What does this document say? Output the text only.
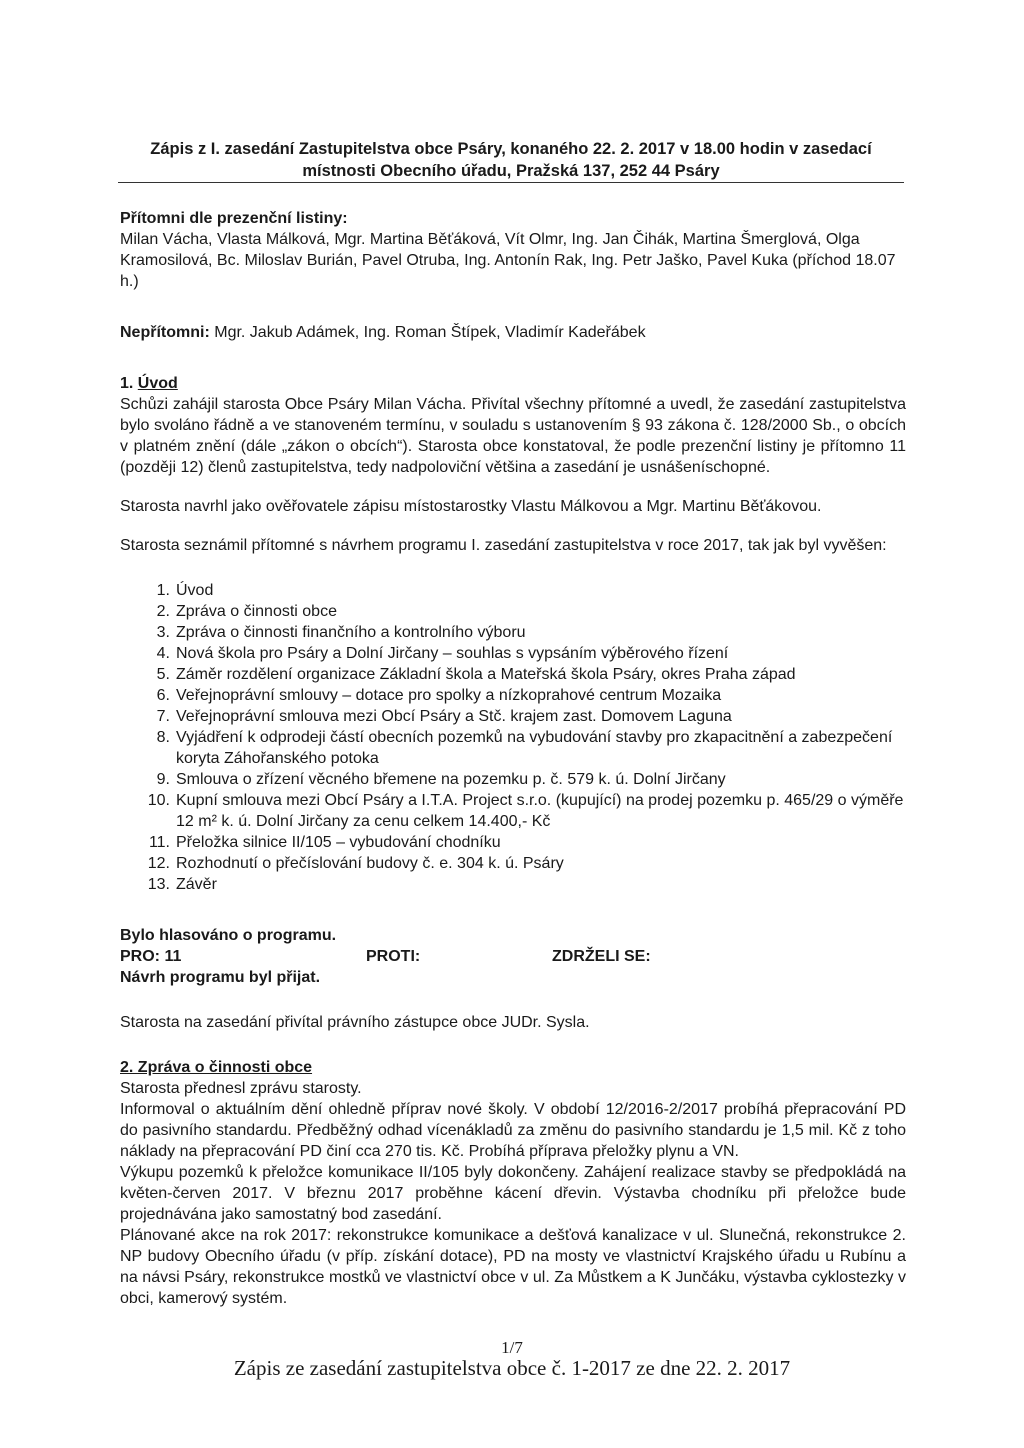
Zápis z I. zasedání Zastupitelstva obce Psáry, konaného 22. 2. 2017 v 18.00 hodin v zasedací
místnosti Obecního úřadu, Pražská 137, 252 44 Psáry

Přítomni dle prezenční listiny:

Milan Vácha, Vlasta Málková, Mgr. Martina Běťáková, Vít Olmr, Ing. Jan Čihák, Martina Šmerglová, Olga Kramosilová, Bc. Miloslav Burián, Pavel Otruba, Ing. Antonín Rak, Ing. Petr Jaško, Pavel Kuka (příchod 18.07 h.)

Nepřítomni: Mgr. Jakub Adámek, Ing. Roman Štípek, Vladimír Kadeřábek

1. Úvod

Schůzi zahájil starosta Obce Psáry Milan Vácha. Přivítal všechny přítomné a uvedl, že zasedání zastupitelstva bylo svoláno řádně a ve stanoveném termínu, v souladu s ustanovením § 93 zákona č. 128/2000 Sb., o obcích v platném znění (dále „zákon o obcích“). Starosta obce konstatoval, že podle prezenční listiny je přítomno 11 (později 12) členů zastupitelstva, tedy nadpoloviční většina a zasedání je usnášeníschopné.

Starosta navrhl jako ověřovatele zápisu místostarostky Vlastu Málkovou a Mgr. Martinu Běťákovou.

Starosta seznámil přítomné s návrhem programu I. zasedání zastupitelstva v roce 2017, tak jak byl vyvěšen:

1. Úvod
2. Zpráva o činnosti obce
3. Zpráva o činnosti finančního a kontrolního výboru
4. Nová škola pro Psáry a Dolní Jirčany – souhlas s vypsáním výběrového řízení
5. Záměr rozdělení organizace Základní škola a Mateřská škola Psáry, okres Praha západ
6. Veřejnoprávní smlouvy – dotace pro spolky a nízkoprahové centrum Mozaika
7. Veřejnoprávní smlouva mezi Obcí Psáry a Stč. krajem zast. Domovem Laguna
8. Vyjádření k odprodeji částí obecních pozemků na vybudování stavby pro zkapacitnění a zabezpečení koryta Záhořanského potoka
9. Smlouva o zřízení věcného břemene na pozemku p. č. 579 k. ú. Dolní Jirčany
10. Kupní smlouva mezi Obcí Psáry a I.T.A. Project s.r.o. (kupující) na prodej pozemku p. 465/29 o výměře 12 m² k. ú. Dolní Jirčany za cenu celkem 14.400,- Kč
11. Přeložka silnice II/105 – vybudování chodníku
12. Rozhodnutí o přečíslování budovy č. e. 304 k. ú. Psáry
13. Závěr

Bylo hlasováno o programu.

PRO: 11	PROTI:	ZDRŽELI SE:

Návrh programu byl přijat.

Starosta na zasedání přivítal právního zástupce obce JUDr. Sysla.

2. Zpráva o činnosti obce

Starosta přednesl zprávu starosty.

Informoval o aktuálním dění ohledně příprav nové školy. V období 12/2016-2/2017 probíhá přepracování PD do pasivního standardu. Předběžný odhad vícenákladů za změnu do pasivního standardu je 1,5 mil. Kč z toho náklady na přepracování PD činí cca 270 tis. Kč. Probíhá příprava přeložky plynu a VN.

Výkupu pozemků k přeložce komunikace II/105 byly dokončeny. Zahájení realizace stavby se předpokládá na květen-červen 2017. V březnu 2017 proběhne kácení dřevin. Výstavba chodníku při přeložce bude projednávána jako samostatný bod zasedání.

Plánované akce na rok 2017: rekonstrukce komunikace a dešťová kanalizace v ul. Slunečná, rekonstrukce 2. NP budovy Obecního úřadu (v příp. získání dotace), PD na mosty ve vlastnictví Krajského úřadu u Rubínu a na návsi Psáry, rekonstrukce mostků ve vlastnictví obce v ul. Za Můstkem a K Junčáku, výstavba cyklostezky v obci, kamerový systém.

1/7
Zápis ze zasedání zastupitelstva obce č. 1-2017 ze dne 22. 2. 2017
